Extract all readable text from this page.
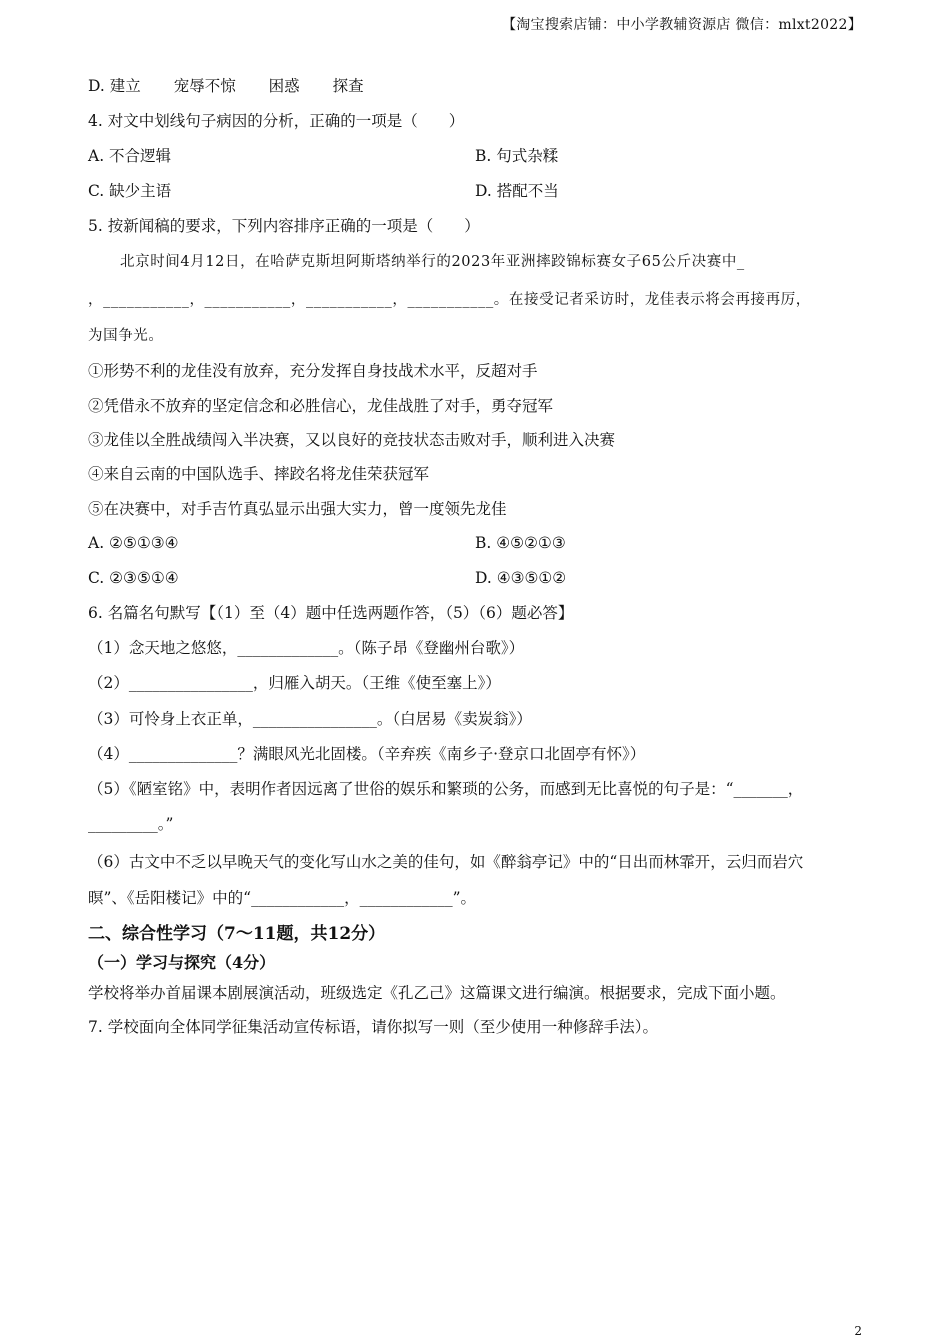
【淘宝搜索店铺：中小学教辅资源店 微信：mlxt2022】
D. 建立 宠辱不惊 困惑 探查
4. 对文中划线句子病因的分析，正确的一项是（　　）
A. 不合逻辑	B. 句式杂糅
C. 缺少主语	D. 搭配不当
5. 按新闻稿的要求，下列内容排序正确的一项是（　　）
北京时间4月12日，在哈萨克斯坦阿斯塔纳举行的2023年亚洲摔跤锦标赛女子65公斤决赛中_
，___________，___________，___________，___________。在接受记者采访时，龙佳表示将会再接再厉，
为国争光。
①形势不利的龙佳没有放弃，充分发挥自身技战术水平，反超对手
②凭借永不放弃的坚定信念和必胜信心，龙佳战胜了对手，勇夺冠军
③龙佳以全胜战绩闯入半决赛，又以良好的竞技状态击败对手，顺利进入决赛
④来自云南的中国队选手、摔跤名将龙佳荣获冠军
⑤在决赛中，对手吉竹真弘显示出强大实力，曾一度领先龙佳
A. ②⑤①③④	B. ④⑤②①③
C. ②③⑤①④	D. ④③⑤①②
6. 名篇名句默写【（1）至（4）题中任选两题作答，（5）（6）题必答】
（1）念天地之悠悠，_____________。（陈子昂《登幽州台歌》）
（2）________________，归雁入胡天。（王维《使至塞上》）
（3）可怜身上衣正单，________________。（白居易《卖炭翁》）
（4）______________？满眼风光北固楼。（辛弃疾《南乡子·登京口北固亭有怀》）
（5）《陋室铭》中，表明作者因远离了世俗的娱乐和繁琐的公务，而感到无比喜悦的句子是：“_______，
_________。”
（6）古文中不乏以早晚天气的变化写山水之美的佳句，如《醉翁亭记》中的“日出而林霏开，云归而岩穴
暝”、《岳阳楼记》中的“____________，____________”。
二、综合性学习（7～11题，共12分）
（一）学习与探究（4分）
学校将举办首届课本剧展演活动，班级选定《孔乙己》这篇课文进行编演。根据要求，完成下面小题。
7. 学校面向全体同学征集活动宣传标语，请你拟写一则（至少使用一种修辞手法）。
2
